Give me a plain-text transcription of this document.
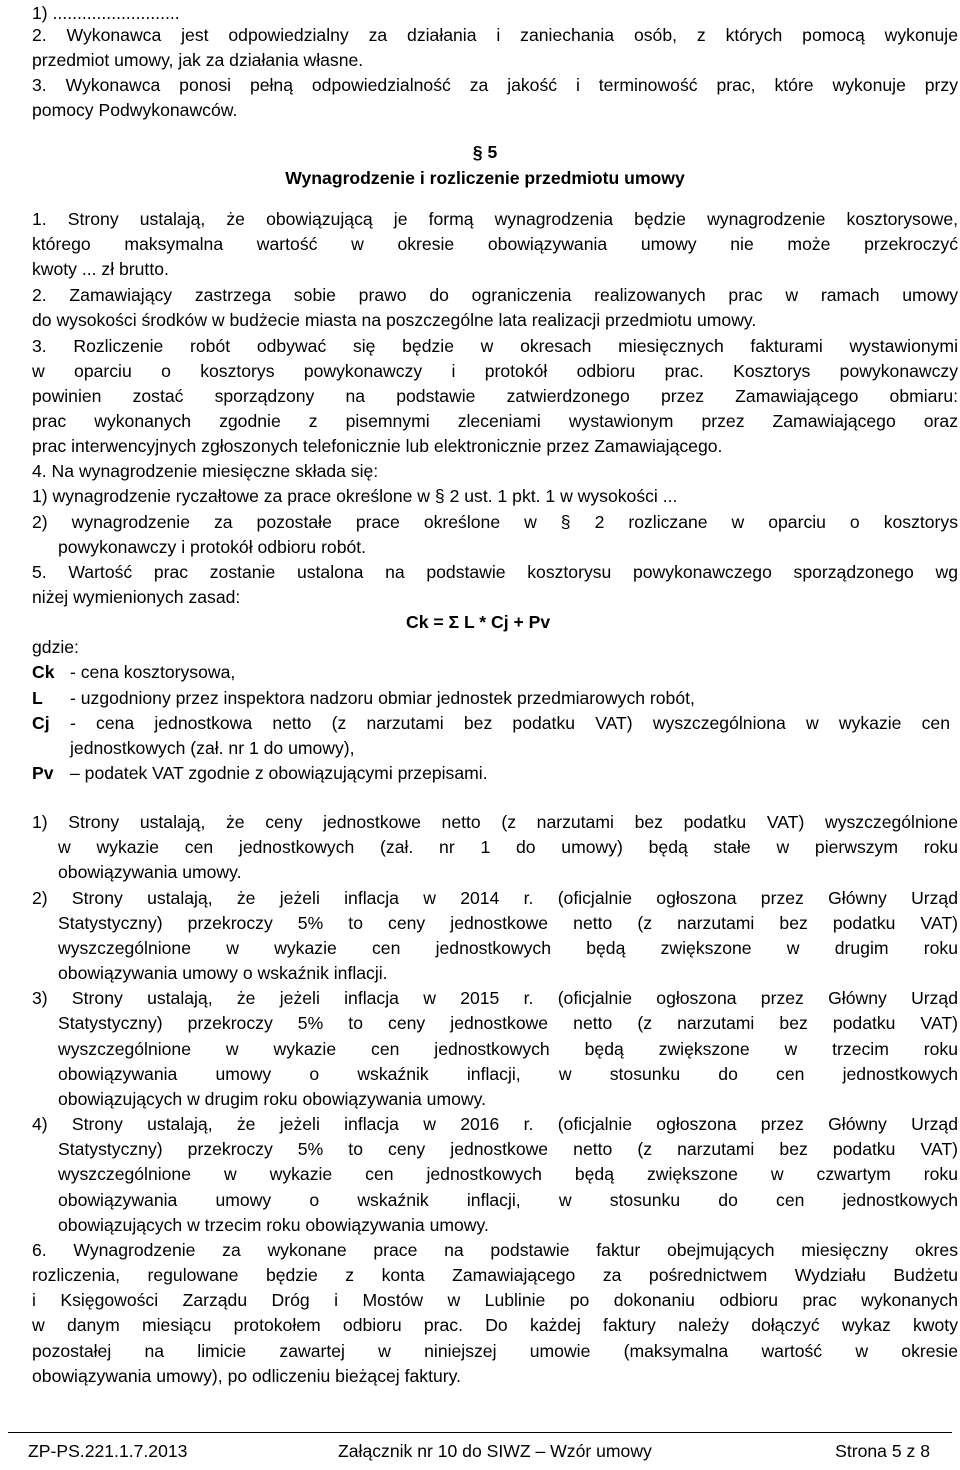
1) ..........................
2. Wykonawca jest odpowiedzialny za działania i zaniechania osób, z których pomocą wykonuje
przedmiot umowy, jak za działania własne.
3. Wykonawca ponosi pełną odpowiedzialność za jakość i terminowość prac, które wykonuje przy
pomocy Podwykonawców.
§ 5
Wynagrodzenie i rozliczenie przedmiotu umowy
1. Strony ustalają, że obowiązującą je formą wynagrodzenia będzie wynagrodzenie kosztorysowe,
którego maksymalna wartość w okresie obowiązywania umowy nie może przekroczyć
kwoty ... zł brutto.
2. Zamawiający zastrzega sobie prawo do ograniczenia realizowanych prac w ramach umowy
do wysokości środków w budżecie miasta na poszczególne lata realizacji przedmiotu umowy.
3. Rozliczenie robót odbywać się będzie w okresach miesięcznych fakturami wystawionymi
w oparciu o kosztorys powykonawczy i protokół odbioru prac. Kosztorys powykonawczy
powinien zostać sporządzony na podstawie zatwierdzonego przez Zamawiającego obmiaru:
prac wykonanych zgodnie z pisemnymi zleceniami wystawionym przez Zamawiającego oraz
prac interwencyjnych zgłoszonych telefonicznie lub elektronicznie przez Zamawiającego.
4. Na wynagrodzenie miesięczne składa się:
1) wynagrodzenie ryczałtowe za prace określone w § 2 ust. 1 pkt. 1 w wysokości ...
2) wynagrodzenie za pozostałe prace określone w § 2 rozliczane w oparciu o kosztorys
powykonawczy i protokół odbioru robót.
5. Wartość prac zostanie ustalona na podstawie kosztorysu powykonawczego sporządzonego wg
niżej wymienionych zasad:
Ck = Σ L * Cj + Pv
gdzie:
Ck - cena kosztorysowa,
L - uzgodniony przez inspektora nadzoru obmiar jednostek przedmiarowych robót,
Cj - cena jednostkowa netto (z narzutami bez podatku VAT) wyszczególniona w wykazie cen
jednostkowych (zał. nr 1 do umowy),
Pv – podatek VAT zgodnie z obowiązującymi przepisami.
1) Strony ustalają, że ceny jednostkowe netto (z narzutami bez podatku VAT) wyszczególnione
w wykazie cen jednostkowych (zał. nr 1 do umowy) będą stałe w pierwszym roku
obowiązywania umowy.
2) Strony ustalają, że jeżeli inflacja w 2014 r. (oficjalnie ogłoszona przez Główny Urząd
Statystyczny) przekroczy 5% to ceny jednostkowe netto (z narzutami bez podatku VAT)
wyszczególnione w wykazie cen jednostkowych będą zwiększone w drugim roku
obowiązywania umowy o wskaźnik inflacji.
3) Strony ustalają, że jeżeli inflacja w 2015 r. (oficjalnie ogłoszona przez Główny Urząd
Statystyczny) przekroczy 5% to ceny jednostkowe netto (z narzutami bez podatku VAT)
wyszczególnione w wykazie cen jednostkowych będą zwiększone w trzecim roku
obowiązywania umowy o wskaźnik inflacji, w stosunku do cen jednostkowych
obowiązujących w drugim roku obowiązywania umowy.
4) Strony ustalają, że jeżeli inflacja w 2016 r. (oficjalnie ogłoszona przez Główny Urząd
Statystyczny) przekroczy 5% to ceny jednostkowe netto (z narzutami bez podatku VAT)
wyszczególnione w wykazie cen jednostkowych będą zwiększone w czwartym roku
obowiązywania umowy o wskaźnik inflacji, w stosunku do cen jednostkowych
obowiązujących w trzecim roku obowiązywania umowy.
6. Wynagrodzenie za wykonane prace na podstawie faktur obejmujących miesięczny okres
rozliczenia, regulowane będzie z konta Zamawiającego za pośrednictwem Wydziału Budżetu
i Księgowości Zarządu Dróg i Mostów w Lublinie po dokonaniu odbioru prac wykonanych
w danym miesiącu protokołem odbioru prac. Do każdej faktury należy dołączyć wykaz kwoty
pozostałej na limicie zawartej w niniejszej umowie (maksymalna wartość w okresie
obowiązywania umowy), po odliczeniu bieżącej faktury.
ZP-PS.221.1.7.2013	Załącznik nr 10 do SIWZ – Wzór umowy	Strona 5 z 8
